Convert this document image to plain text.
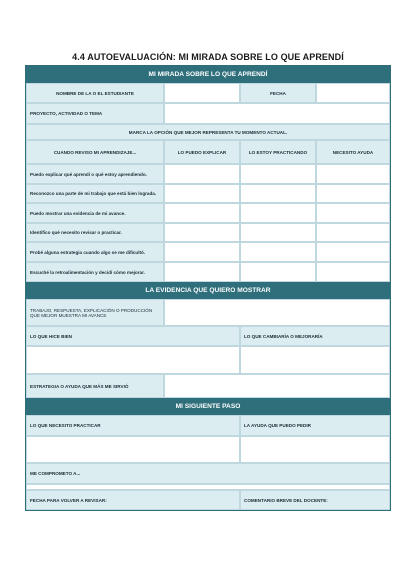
4.4 AUTOEVALUACIÓN: MI MIRADA SOBRE LO QUE APRENDÍ
MI MIRADA SOBRE LO QUE APRENDÍ
NOMBRE DE LA O EL ESTUDIANTE	FECHA
PROYECTO, ACTIVIDAD O TEMA
MARCA LA OPCIÓN QUE MEJOR REPRESENTA TU MOMENTO ACTUAL.
CUANDO REVISO MI APRENDIZAJE...	LO PUEDO EXPLICAR	LO ESTOY PRACTICANDO	NECESITO AYUDA
Puedo explicar qué aprendí o qué estoy aprendiendo.
Reconozco una parte de mi trabajo que está bien lograda.
Puedo mostrar una evidencia de mi avance.
Identifico qué necesito revisar o practicar.
Probé alguna estrategia cuando algo se me dificultó.
Escuché la retroalimentación y decidí cómo mejorar.
LA EVIDENCIA QUE QUIERO MOSTRAR
TRABAJO, RESPUESTA, EXPLICACIÓN O PRODUCCIÓN QUE MEJOR MUESTRA MI AVANCE
LO QUE HICE BIEN	LO QUE CAMBIARÍA O MEJORARÍA
ESTRATEGIA O AYUDA QUE MÁS ME SIRVIÓ
MI SIGUIENTE PASO
LO QUE NECESITO PRACTICAR	LA AYUDA QUE PUEDO PEDIR
ME COMPROMETO A...
FECHA PARA VOLVER A REVISAR:	COMENTARIO BREVE DEL DOCENTE:
